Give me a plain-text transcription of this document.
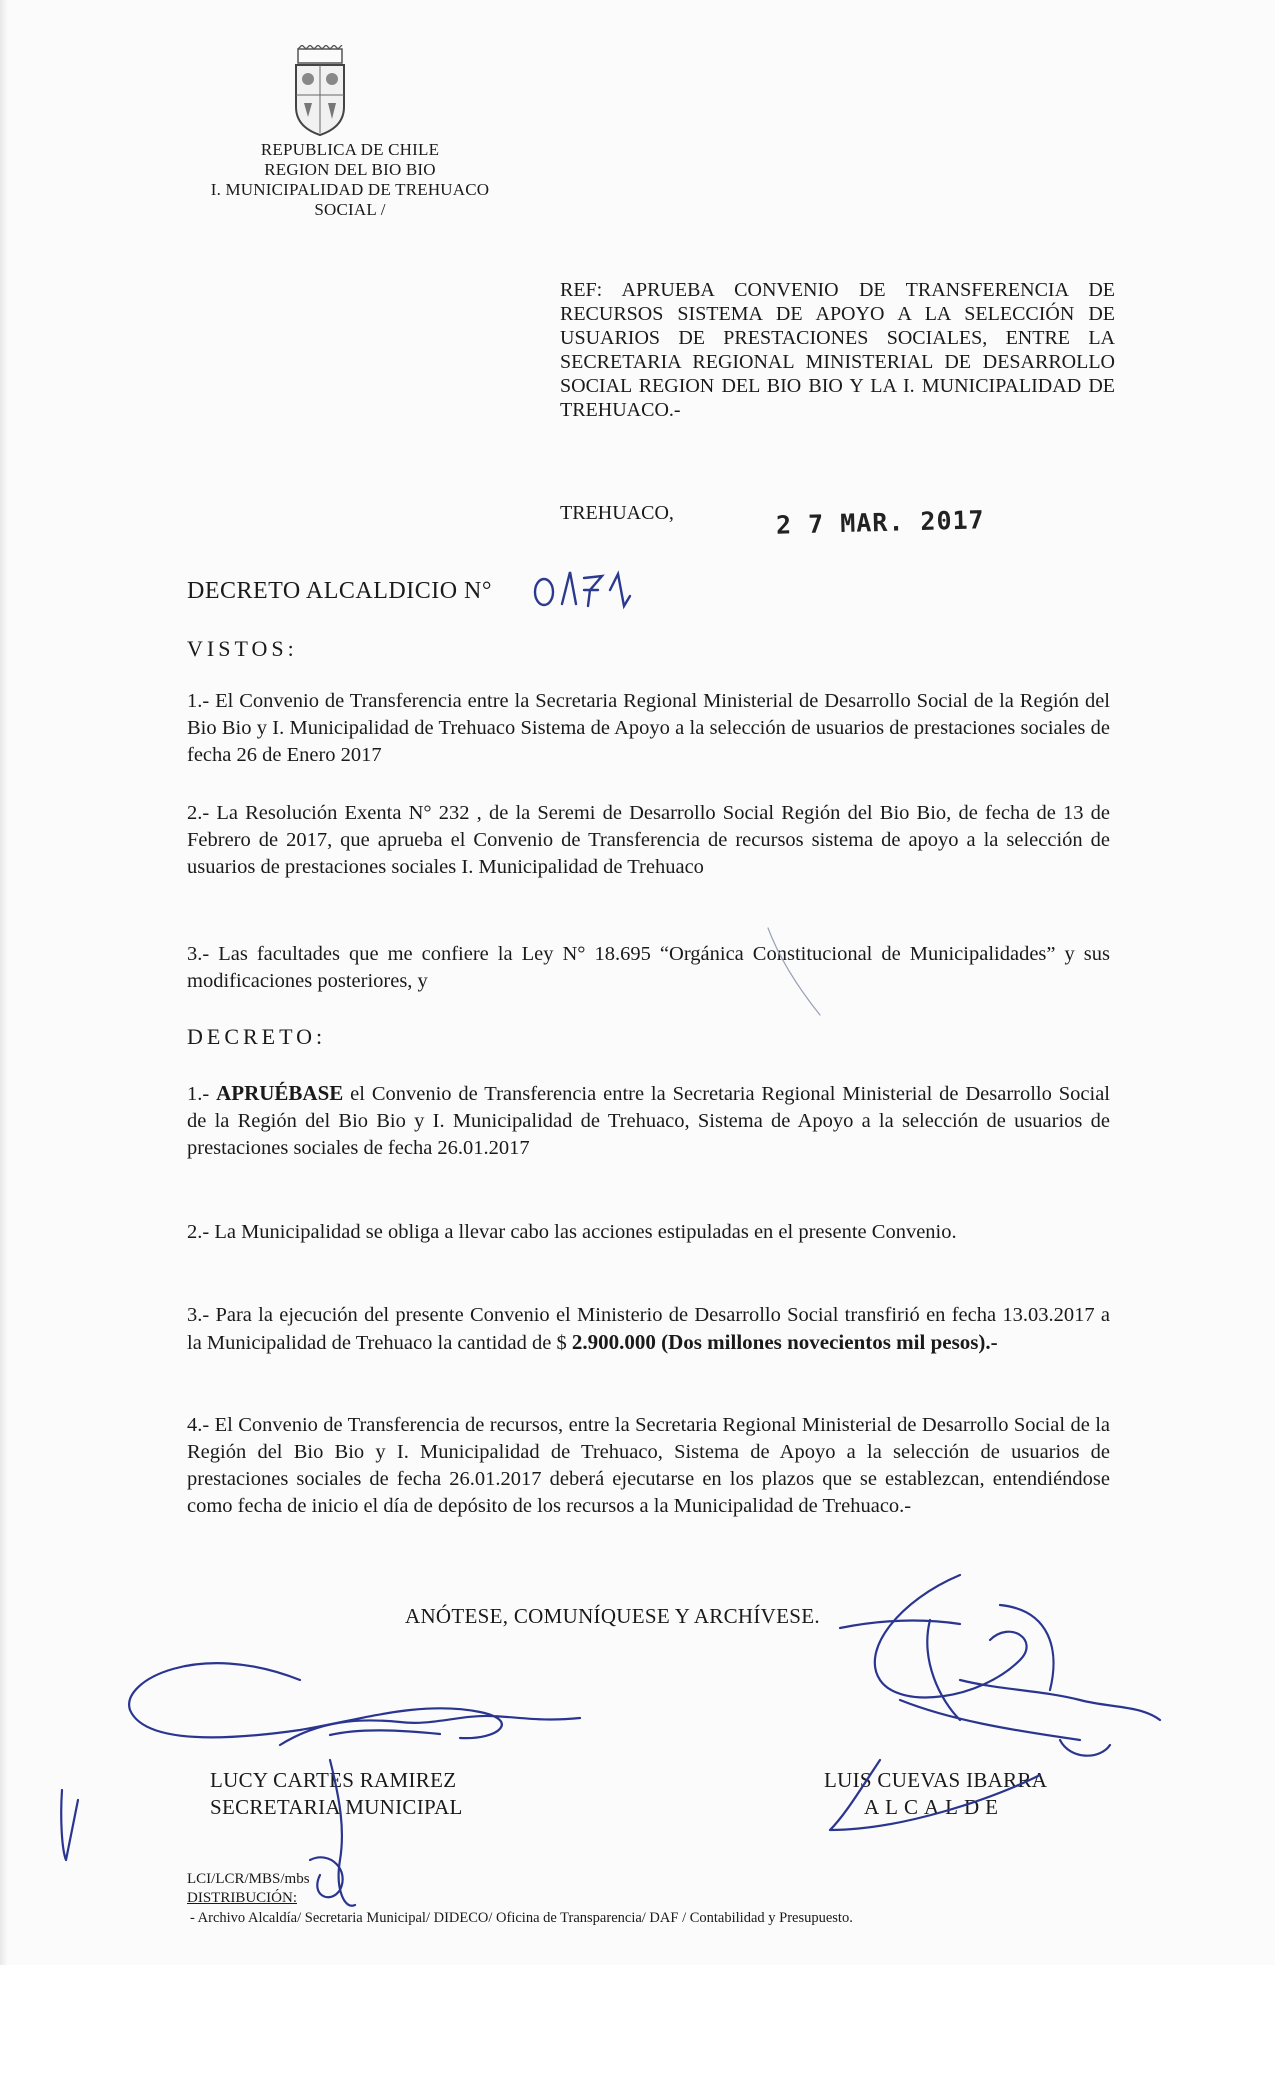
REPUBLICA DE CHILE
REGION DEL BIO BIO
I. MUNICIPALIDAD DE TREHUACO
SOCIAL /
REF: APRUEBA CONVENIO DE TRANSFERENCIA DE RECURSOS SISTEMA DE APOYO A LA SELECCIÓN DE USUARIOS DE PRESTACIONES SOCIALES, ENTRE LA SECRETARIA REGIONAL MINISTERIAL DE DESARROLLO SOCIAL REGION DEL BIO BIO Y LA I. MUNICIPALIDAD DE TREHUACO.-
TREHUACO,	2 7 MAR. 2017
DECRETO ALCALDICIO N°
VISTOS:

1.- El Convenio de Transferencia entre la Secretaria Regional Ministerial de Desarrollo Social de la Región del Bio Bio y I. Municipalidad de Trehuaco Sistema de Apoyo a la selección de usuarios de prestaciones sociales de fecha 26 de Enero 2017

2.- La Resolución Exenta N° 232 , de la Seremi de Desarrollo Social Región del Bio Bio, de fecha de 13 de Febrero de 2017, que aprueba el Convenio de Transferencia de recursos sistema de apoyo a la selección de usuarios de prestaciones sociales I. Municipalidad de Trehuaco

3.- Las facultades que me confiere la Ley N° 18.695 “Orgánica Constitucional de Municipalidades” y sus modificaciones posteriores, y

DECRETO:

1.- APRUÉBASE el Convenio de Transferencia entre la Secretaria Regional Ministerial de Desarrollo Social de la Región del Bio Bio y I. Municipalidad de Trehuaco, Sistema de Apoyo a la selección de usuarios de prestaciones sociales de fecha 26.01.2017

2.- La Municipalidad se obliga a llevar cabo las acciones estipuladas en el presente Convenio.

3.- Para la ejecución del presente Convenio el Ministerio de Desarrollo Social transfirió en fecha 13.03.2017 a la Municipalidad de Trehuaco la cantidad de $ 2.900.000 (Dos millones novecientos mil pesos).-

4.- El Convenio de Transferencia de recursos, entre la Secretaria Regional Ministerial de Desarrollo Social de la Región del Bio Bio y I. Municipalidad de Trehuaco, Sistema de Apoyo a la selección de usuarios de prestaciones sociales de fecha 26.01.2017 deberá ejecutarse en los plazos que se establezcan, entendiéndose como fecha de inicio el día de depósito de los recursos a la Municipalidad de Trehuaco.-

ANÓTESE, COMUNÍQUESE Y ARCHÍVESE.
LUCY CARTES RAMIREZ
SECRETARIA MUNICIPAL
LUIS CUEVAS IBARRA
ALCALDE
LCI/LCR/MBS/mbs
DISTRIBUCIÓN:
- Archivo Alcaldía/ Secretaria Municipal/ DIDECO/ Oficina de Transparencia/ DAF / Contabilidad y Presupuesto.
